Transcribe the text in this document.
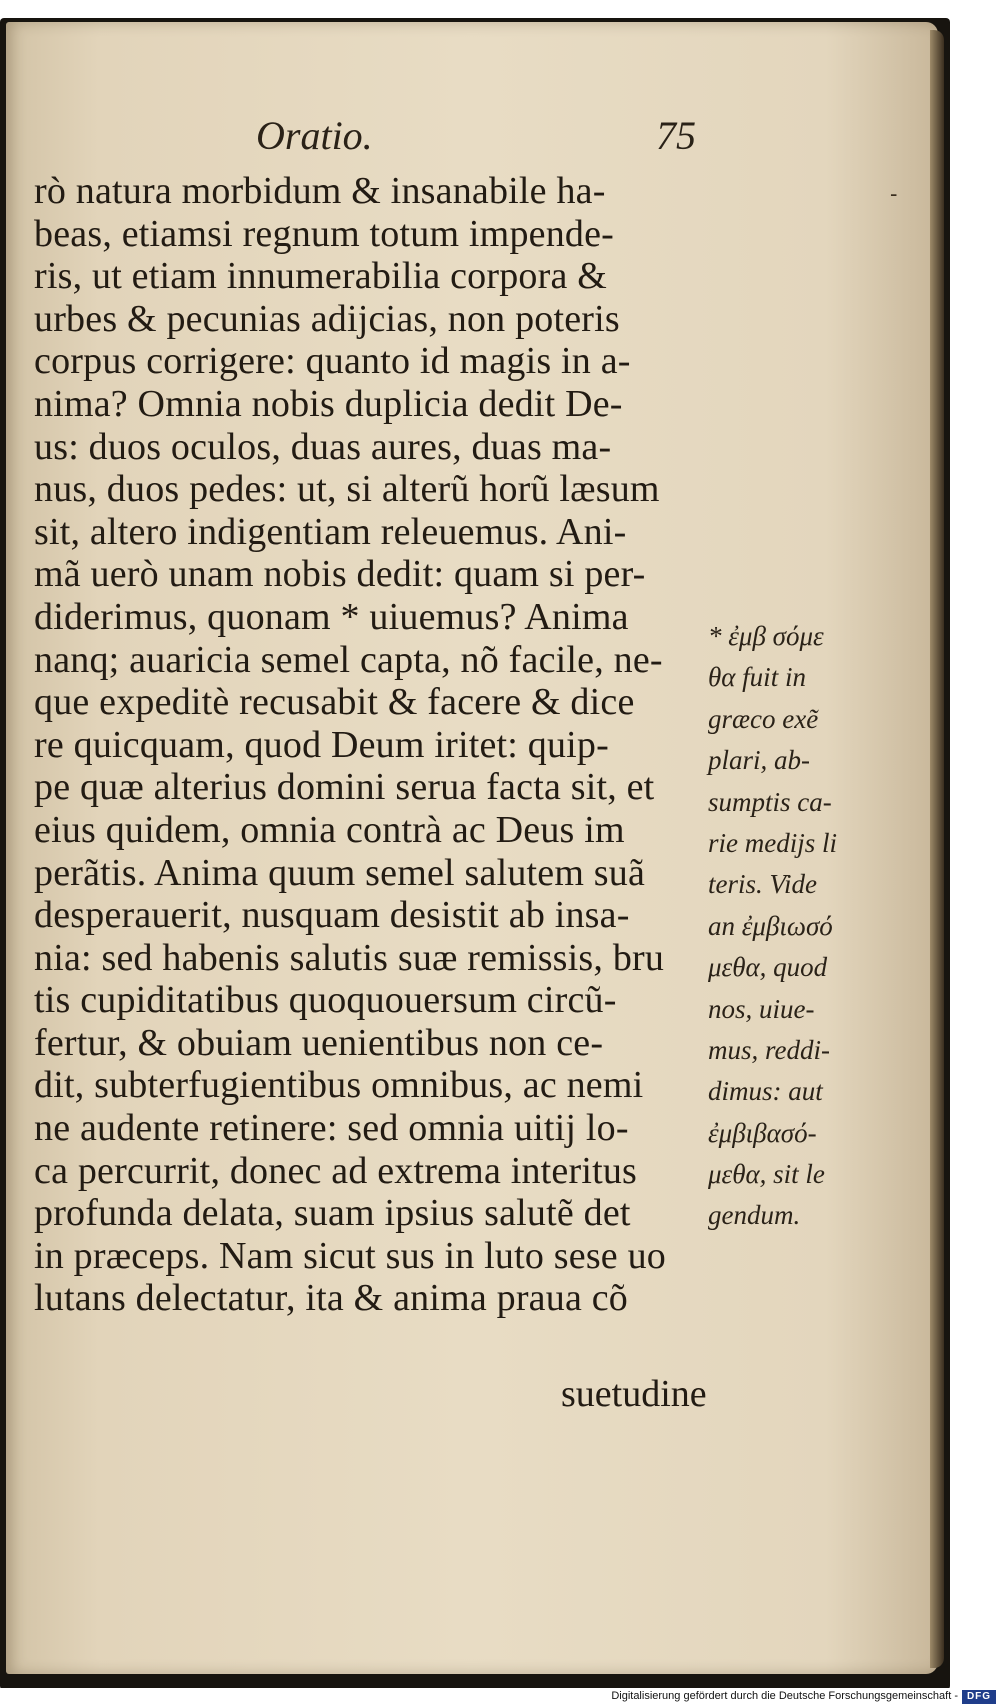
Oratio.	75
-
rò natura morbidum & insanabile ha-
beas, etiamsi regnum totum impende-
ris, ut etiam innumerabilia corpora &
urbes & pecunias adijcias, non poteris
corpus corrigere: quanto id magis in a-
nima? Omnia nobis duplicia dedit De-
us: duos oculos, duas aures, duas ma-
nus, duos pedes: ut, si alterũ horũ læsum
sit, altero indigentiam releuemus. Ani-
mã uerò unam nobis dedit: quam si per-
diderimus, quonam * uiuemus? Anima
nanq; auaricia semel capta, nõ facile, ne-
que expeditè recusabit & facere & dice
re quicquam, quod Deum iritet: quip-
pe quæ alterius domini serua facta sit, et
eius quidem, omnia contrà ac Deus im
perãtis. Anima quum semel salutem suã
desperauerit, nusquam desistit ab insa-
nia: sed habenis salutis suæ remissis, bru
tis cupiditatibus quoquouersum circũ-
fertur, & obuiam uenientibus non ce-
dit, subterfugientibus omnibus, ac nemi
ne audente retinere: sed omnia uitij lo-
ca percurrit, donec ad extrema interitus
profunda delata, suam ipsius salutẽ det
in præceps. Nam sicut sus in luto sese uo
lutans delectatur, ita & anima praua cõ
* ἐμβ σόμε
θα fuit in
græco exẽ
plari, ab-
sumptis ca-
rie medijs li
teris. Vide
an ἐμβιωσό
μεθα, quod
nos, uiue-
mus, reddi-
dimus: aut
ἐμβιβασό-
μεθα, sit le
gendum.
suetudine
Digitalisierung gefördert durch die Deutsche Forschungsgemeinschaft - DFG
